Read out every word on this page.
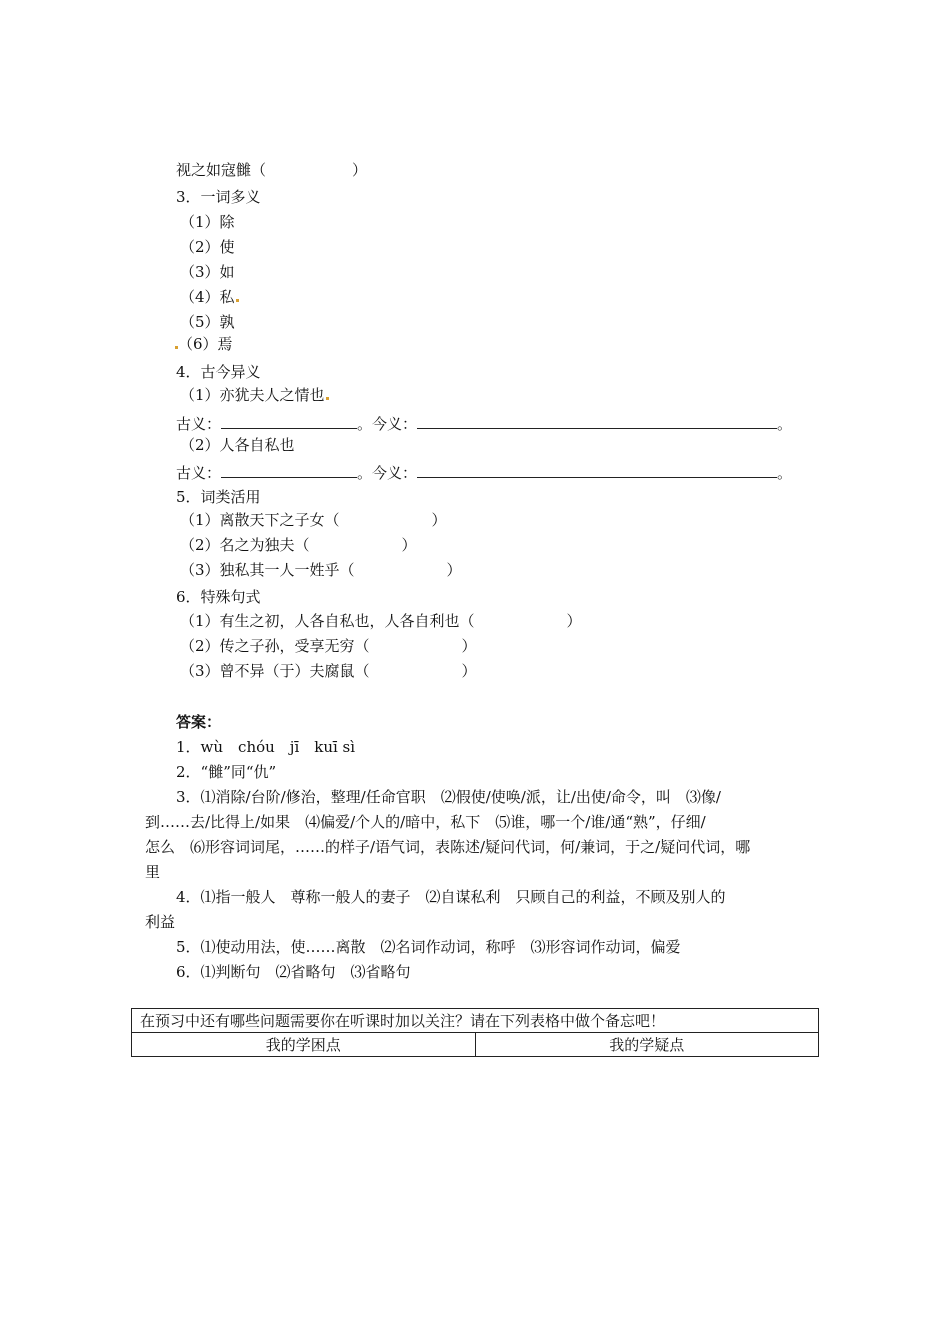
视之如寇雠（	）
3．一词多义
（1）除
（2）使
（3）如
（4）私
（5）孰
（6）焉
4．古今异义
（1）亦犹夫人之情也
古义：	。今义：	。
（2）人各自私也
古义：	。今义：	。
5．词类活用
（1）离散天下之子女（	）
（2）名之为独夫（	）
（3）独私其一人一姓乎（	）
6．特殊句式
（1）有生之初，人各自私也，人各自利也（	）
（2）传之子孙，受享无穷（	）
（3）曾不异（于）夫腐鼠（	）
答案：
1．wù　chóu　jī　kuī sì
2．“雠”同“仇”
3．⑴消除/台阶/修治，整理/任命官职　⑵假使/使唤/派，让/出使/命令，叫　⑶像/
到……去/比得上/如果　⑷偏爱/个人的/暗中，私下　⑸谁，哪一个/谁/通“熟”，仔细/
怎么　⑹形容词词尾，……的样子/语气词，表陈述/疑问代词，何/兼词，于之/疑问代词，哪
里
4．⑴指一般人　尊称一般人的妻子　⑵自谋私利　只顾自己的利益，不顾及别人的
利益
5．⑴使动用法，使……离散　⑵名词作动词，称呼　⑶形容词作动词，偏爱
6．⑴判断句　⑵省略句　⑶省略句
在预习中还有哪些问题需要你在听课时加以关注？请在下列表格中做个备忘吧！
我的学困点	我的学疑点
